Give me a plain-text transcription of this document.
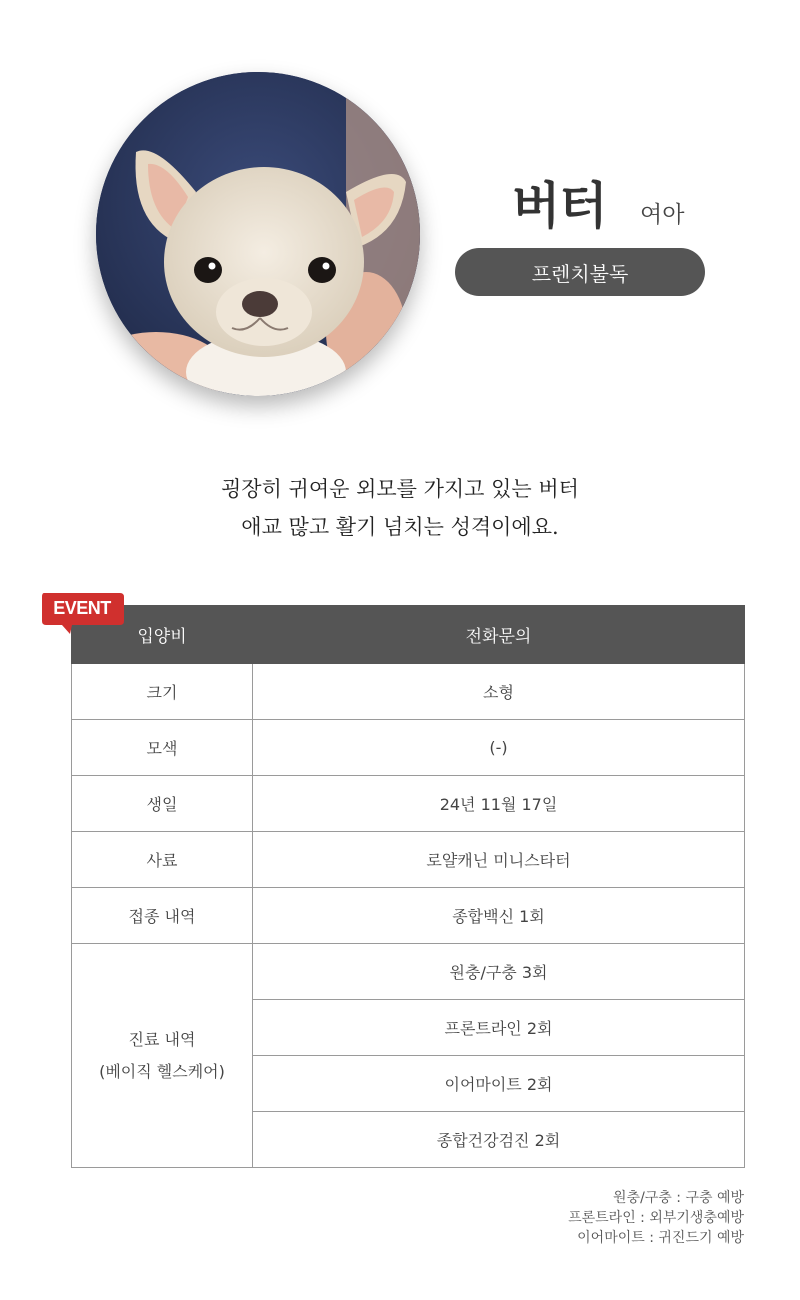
버터 여아
프렌치불독
굉장히 귀여운 외모를 가지고 있는 버터
애교 많고 활기 넘치는 성격이에요.
입양비	전화문의
크기	소형
모색	(-)
생일	24년 11월 17일
사료	로얄캐닌 미니스타터
접종 내역	종합백신 1회

진료 내역
(베이직 헬스케어)	원충/구충 3회
	프론트라인 2회
	이어마이트 2회
	종합건강검진 2회
EVENT
원충/구충 : 구충 예방
프론트라인 : 외부기생충예방
이어마이트 : 귀진드기 예방
